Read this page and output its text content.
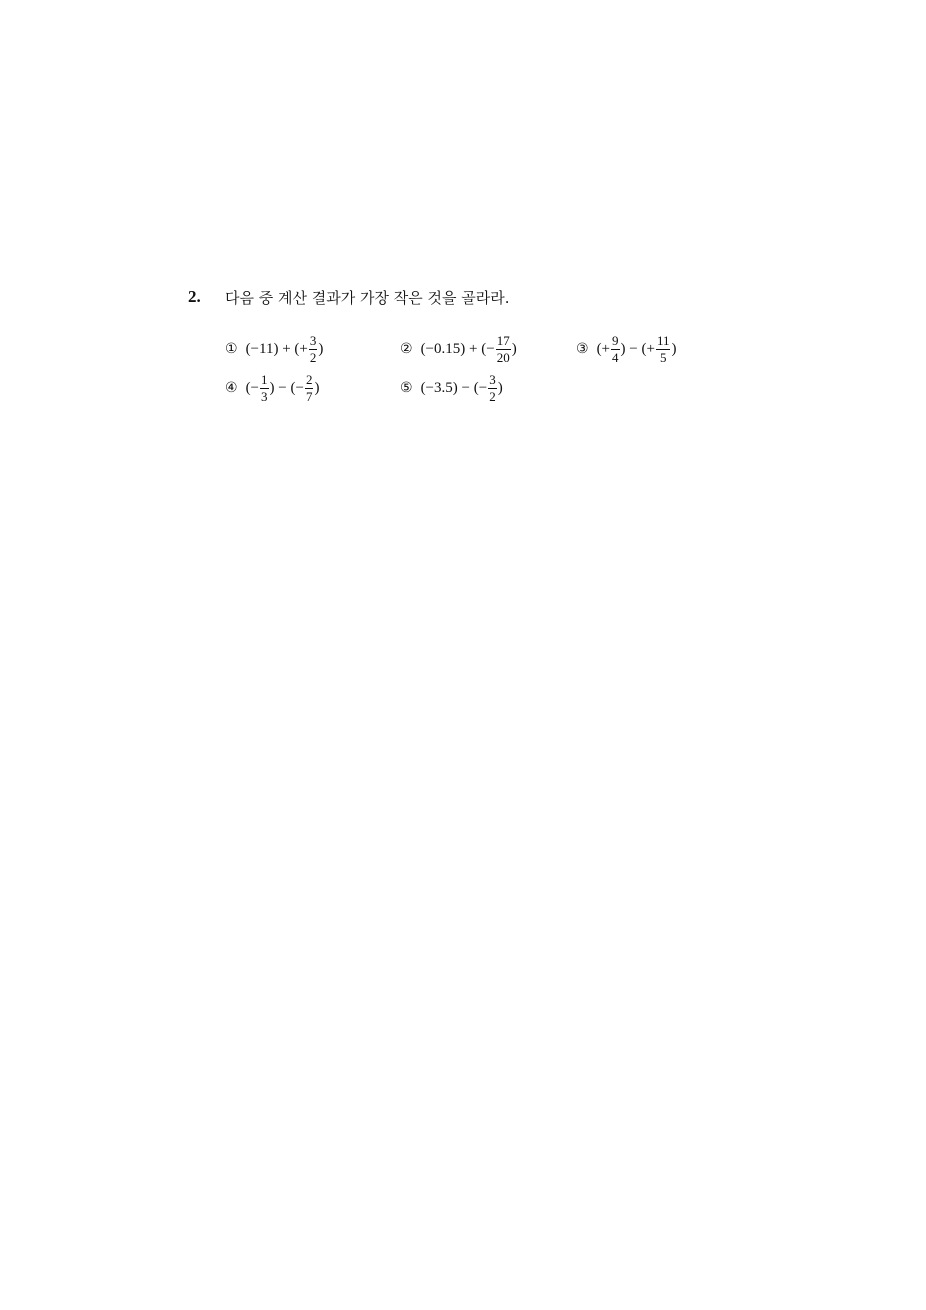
2. 다음 중 계산 결과가 가장 작은 것을 골라라.
① (−11) + (+ $\frac{3}{2}$ )	② (−0.15) + (− $\frac{17}{20}$ )	③ (+ $\frac{9}{4}$ ) − (+ $\frac{11}{5}$ )
④ (− $\frac{1}{3}$ ) − (− $\frac{2}{7}$ )	⑤ (−3.5) − (− $\frac{3}{2}$ )
